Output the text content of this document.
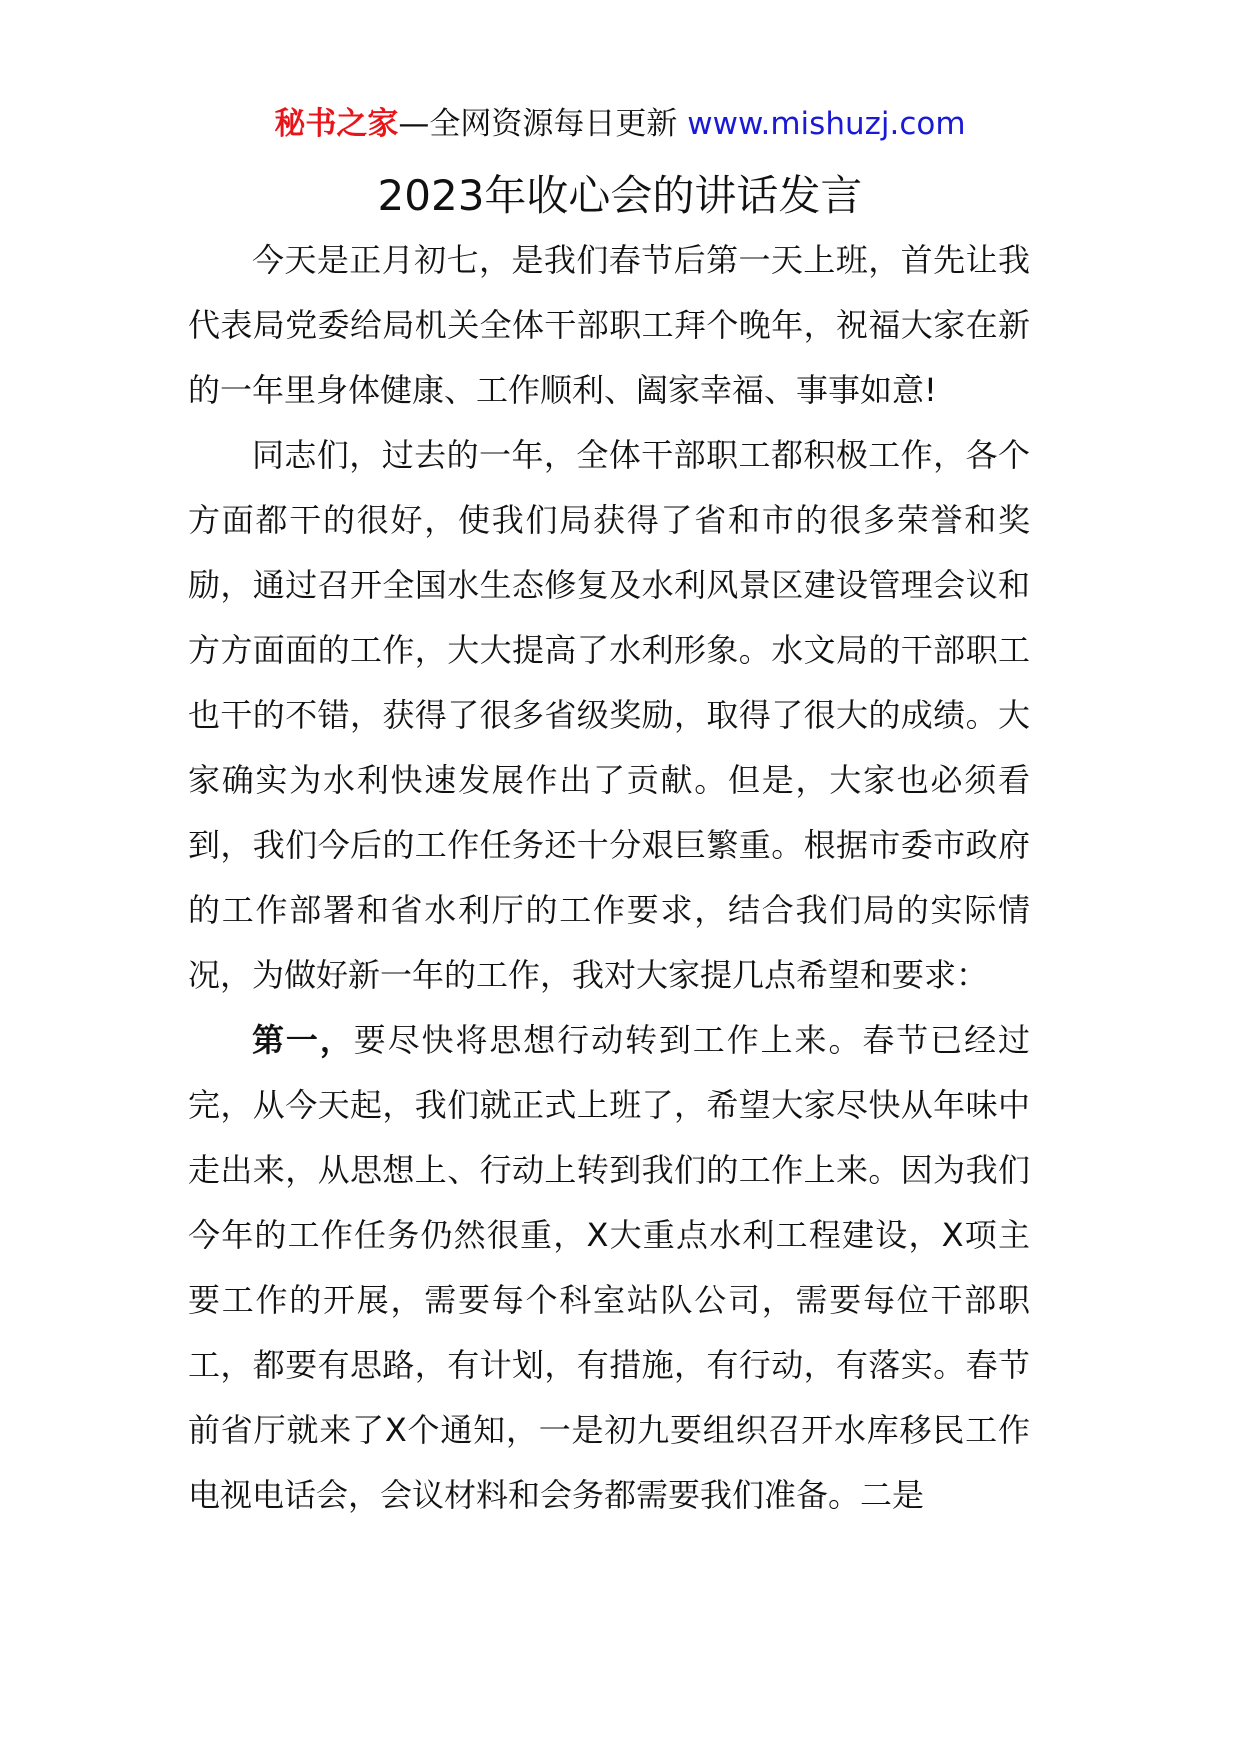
秘书之家—全网资源每日更新 www.mishuzj.com
2023年收心会的讲话发言

今天是正月初七，是我们春节后第一天上班，首先让我代表局党委给局机关全体干部职工拜个晚年，祝福大家在新的一年里身体健康、工作顺利、阖家幸福、事事如意!

同志们，过去的一年，全体干部职工都积极工作，各个方面都干的很好，使我们局获得了省和市的很多荣誉和奖励，通过召开全国水生态修复及水利风景区建设管理会议和方方面面的工作，大大提高了水利形象。水文局的干部职工也干的不错，获得了很多省级奖励，取得了很大的成绩。大家确实为水利快速发展作出了贡献。但是，大家也必须看到，我们今后的工作任务还十分艰巨繁重。根据市委市政府的工作部署和省水利厅的工作要求，结合我们局的实际情况，为做好新一年的工作，我对大家提几点希望和要求：

第一，要尽快将思想行动转到工作上来。春节已经过完，从今天起，我们就正式上班了，希望大家尽快从年味中走出来，从思想上、行动上转到我们的工作上来。因为我们今年的工作任务仍然很重，X大重点水利工程建设，X项主要工作的开展，需要每个科室站队公司，需要每位干部职工，都要有思路，有计划，有措施，有行动，有落实。春节前省厅就来了X个通知，一是初九要组织召开水库移民工作电视电话会，会议材料和会务都需要我们准备。二是
